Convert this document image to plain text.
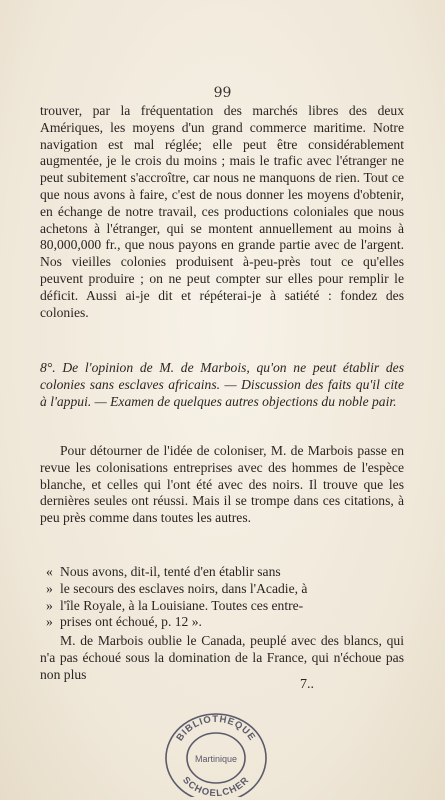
99

trouver, par la fréquentation des marchés libres des deux Amériques, les moyens d'un grand commerce maritime. Notre navigation est mal réglée; elle peut être considérablement augmentée, je le crois du moins ; mais le trafic avec l'étranger ne peut subitement s'accroître, car nous ne manquons de rien. Tout ce que nous avons à faire, c'est de nous donner les moyens d'obtenir, en échange de notre travail, ces productions coloniales que nous achetons à l'étranger, qui se montent annuellement au moins à 80,000,000 fr., que nous payons en grande partie avec de l'argent. Nos vieilles colonies produisent à-peu-près tout ce qu'elles peuvent produire ; on ne peut compter sur elles pour remplir le déficit. Aussi ai-je dit et répéterai-je à satiété : fondez des colonies.

8°. De l'opinion de M. de Marbois, qu'on ne peut établir des colonies sans esclaves africains. — Discussion des faits qu'il cite à l'appui. — Examen de quelques autres objections du noble pair.

Pour détourner de l'idée de coloniser, M. de Marbois passe en revue les colonisations entreprises avec des hommes de l'espèce blanche, et celles qui l'ont été avec des noirs. Il trouve que les dernières seules ont réussi. Mais il se trompe dans ces citations, à peu près comme dans toutes les autres.

« Nous avons, dit-il, tenté d'en établir sans

» le secours des esclaves noirs, dans l'Acadie, à

» l'île Royale, à la Louisiane. Toutes ces entre-

» prises ont échoué, p. 12 ».

M. de Marbois oublie le Canada, peuplé avec des blancs, qui n'a pas échoué sous la domination de la France, qui n'échoue pas non plus

7..
BIBLIOTHEQUE
Martinique
SCHOELCHER
